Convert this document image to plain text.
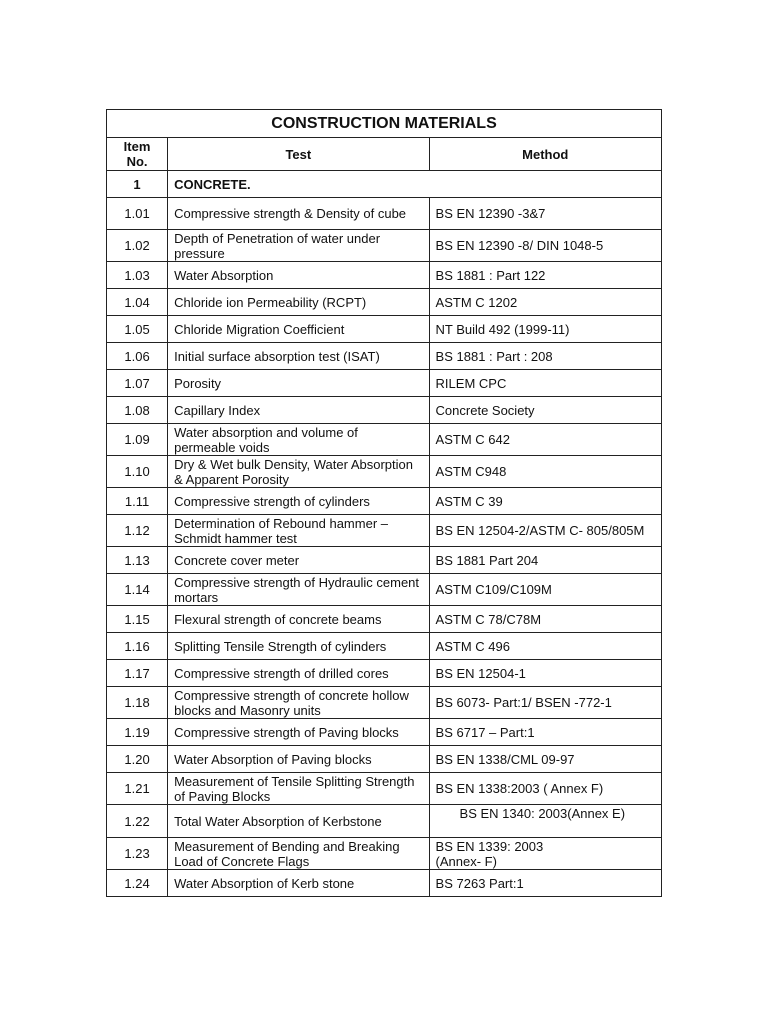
CONSTRUCTION MATERIALS		

Item
No.	Test	Method
1	CONCRETE.	
1.01	Compressive strength & Density of cube	BS EN 12390 -3&7
1.02	Depth of Penetration of water under pressure	BS EN 12390 -8/ DIN 1048-5
1.03	Water Absorption	BS 1881 : Part 122
1.04	Chloride ion Permeability (RCPT)	ASTM C 1202
1.05	Chloride Migration Coefficient	NT Build 492 (1999-11)
1.06	Initial surface absorption test (ISAT)	BS 1881 : Part : 208
1.07	Porosity	RILEM CPC
1.08	Capillary Index	Concrete Society
1.09	Water absorption and volume of permeable voids	ASTM C 642
1.10	Dry & Wet bulk Density, Water Absorption & Apparent Porosity	ASTM C948
1.11	Compressive strength of cylinders	ASTM C 39
1.12	Determination of Rebound hammer – Schmidt hammer test	BS EN 12504-2/ASTM C- 805/805M
1.13	Concrete cover meter	BS 1881 Part 204
1.14	Compressive strength of Hydraulic cement mortars	ASTM C109/C109M
1.15	Flexural strength of concrete beams	ASTM C 78/C78M
1.16	Splitting Tensile Strength of cylinders	ASTM C 496
1.17	Compressive strength of drilled cores	BS EN 12504-1
1.18	Compressive strength of concrete hollow blocks and Masonry units	BS 6073- Part:1/ BSEN -772-1
1.19	Compressive strength of Paving blocks	BS 6717 – Part:1
1.20	Water Absorption of Paving blocks	BS EN 1338/CML 09-97
1.21	Measurement of Tensile Splitting Strength of Paving Blocks	BS EN 1338:2003 ( Annex F)
1.22	Total Water Absorption of Kerbstone	BS EN 1340: 2003(Annex E)
1.23	Measurement of Bending and Breaking Load of Concrete Flags	BS EN 1339: 2003
(Annex- F)
1.24	Water Absorption of Kerb stone	BS 7263 Part:1
